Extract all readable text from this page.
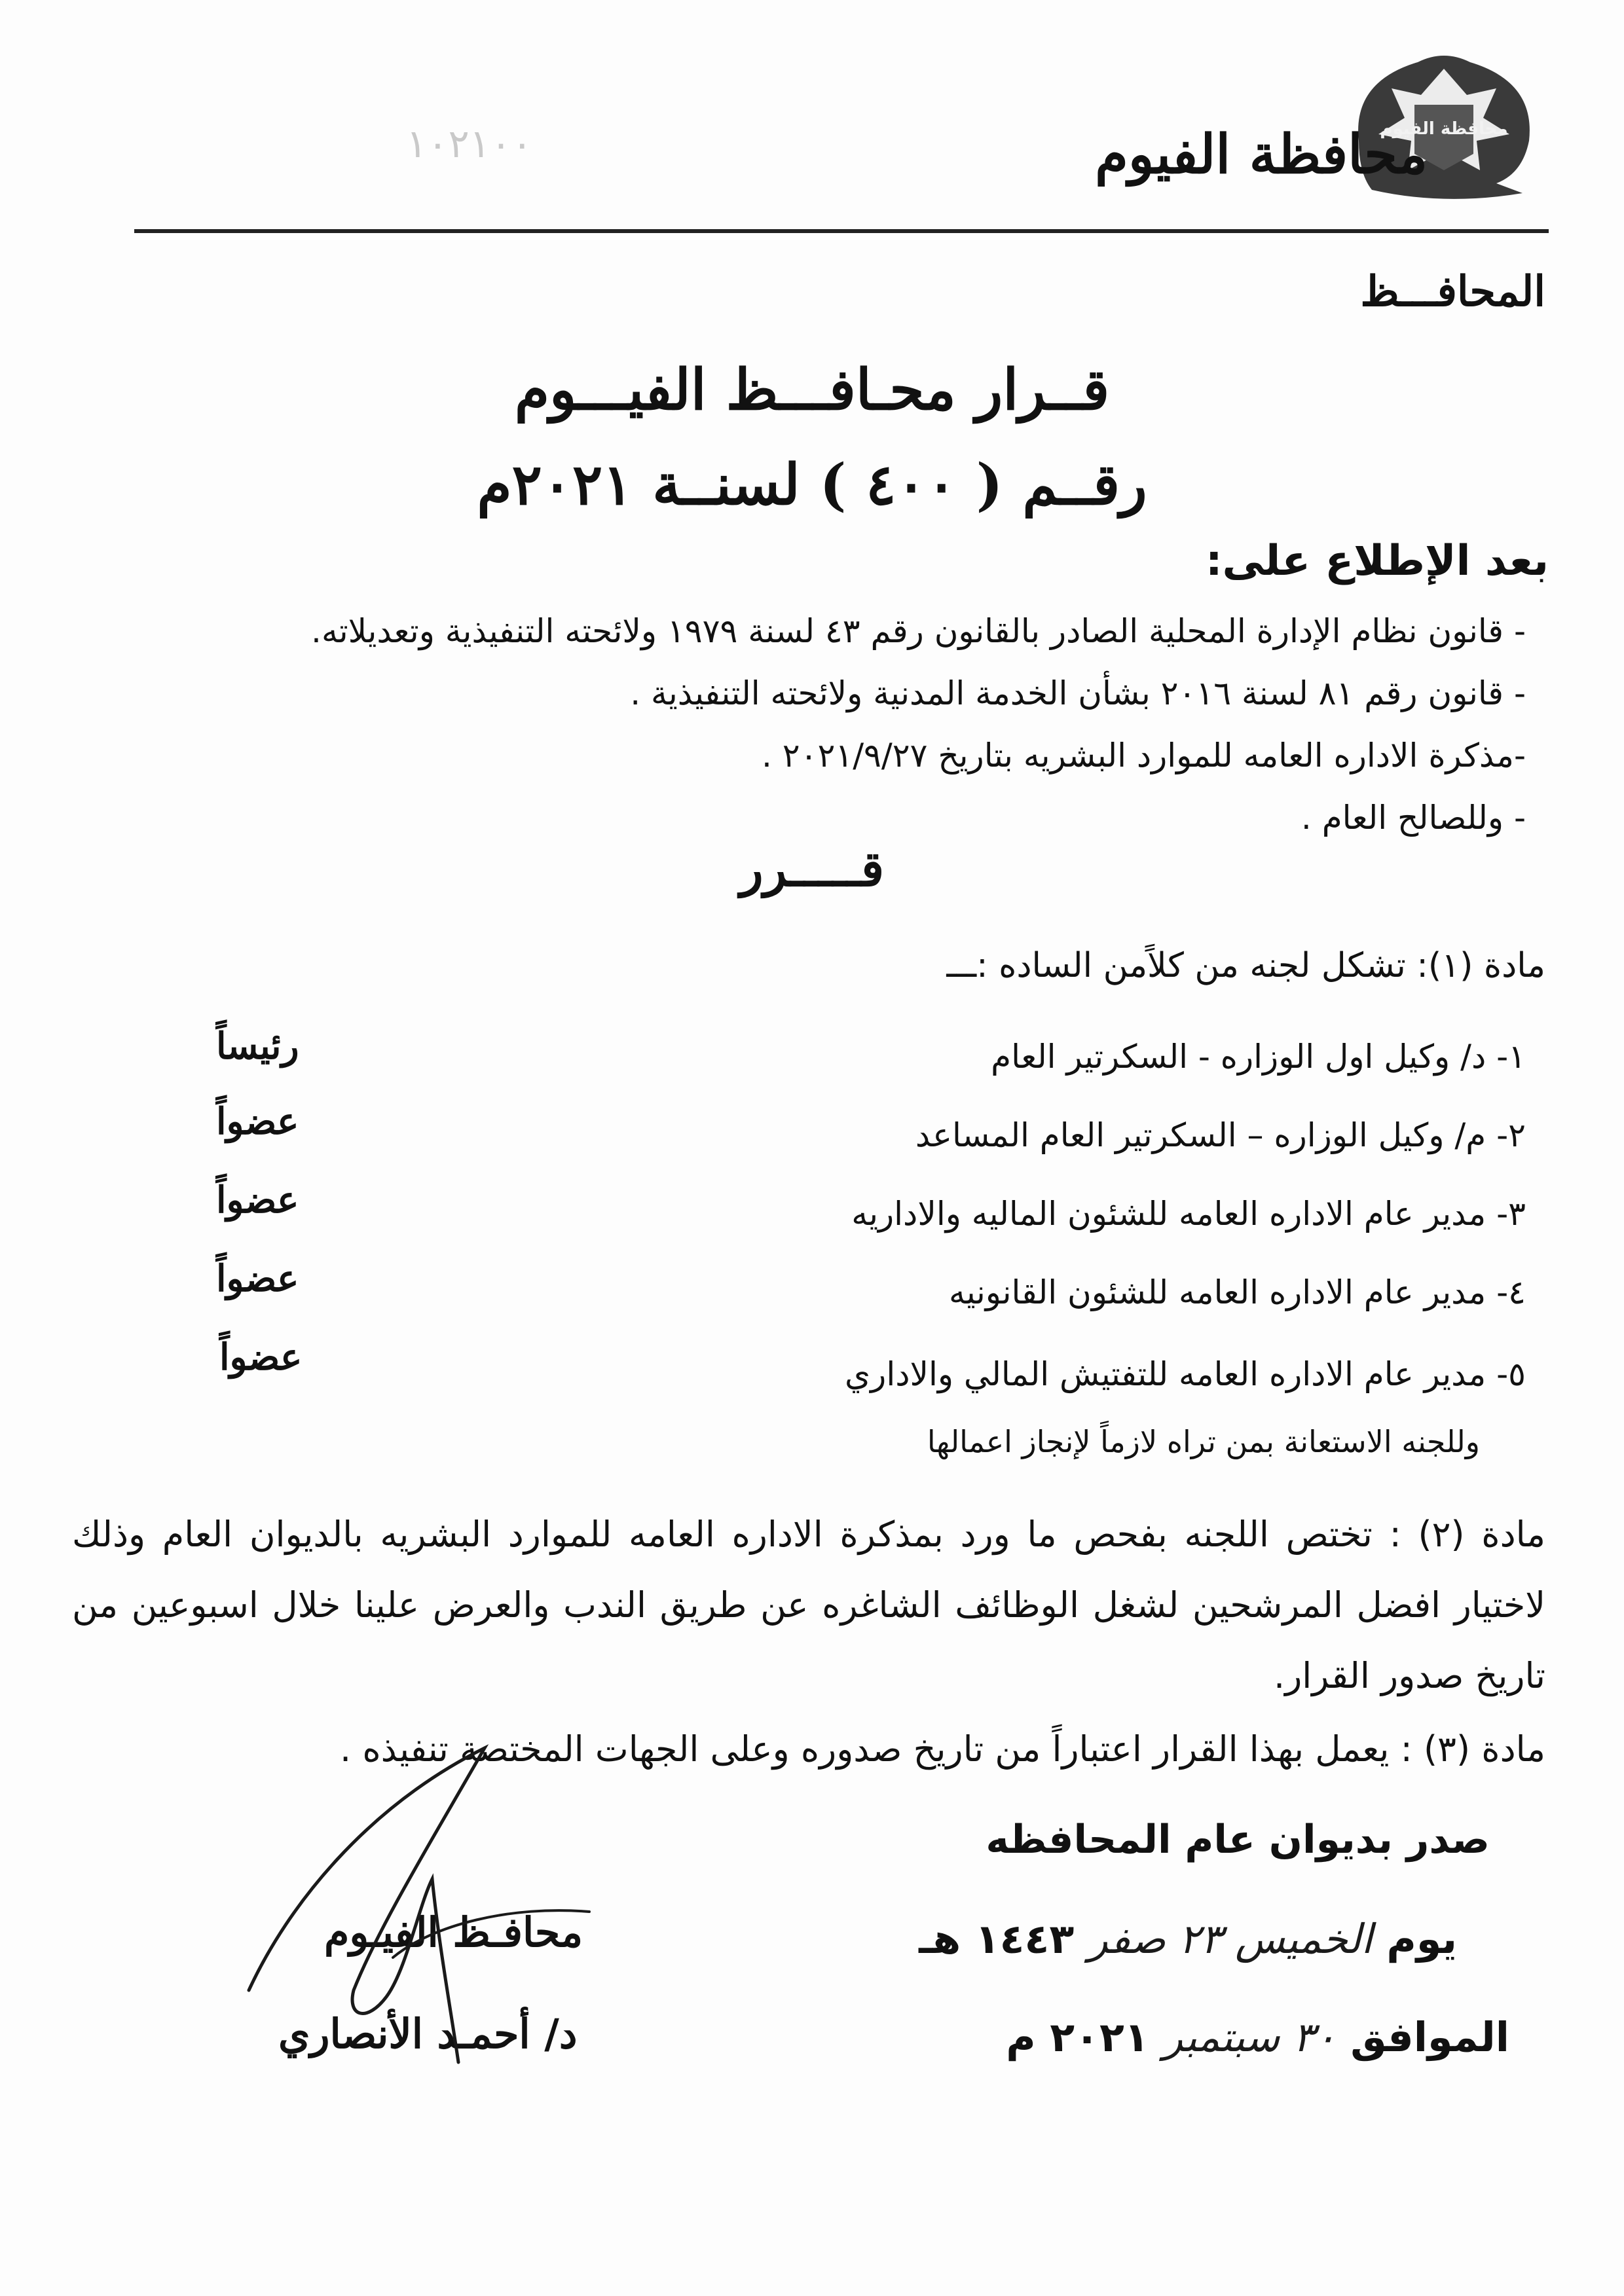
١٠٢١٠٠	محافظة الفيوم
محافظة الفيوم
المحافـــظ
قــرار محـافـــظ الفيـــوم
رقــم ( ٤٠٠ ) لسنــة ٢٠٢١م
بعد الإطلاع على:
- قانون نظام الإدارة المحلية الصادر بالقانون رقم ٤٣ لسنة ١٩٧٩ ولائحته التنفيذية وتعديلاته.
- قانون رقم ٨١ لسنة ٢٠١٦ بشأن الخدمة المدنية ولائحته التنفيذية .
-مذكرة الاداره العامه للموارد البشريه بتاريخ ٢٠٢١/٩/٢٧ .
- وللصالح العام .
قـــــرر
مادة (١): تشكل لجنه من كلاًمن الساده :ـــ
١- د/ وكيل اول الوزاره - السكرتير العام
رئيساً
٢- م/ وكيل الوزاره – السكرتير العام المساعد
عضواً
٣- مدير عام الاداره العامه للشئون الماليه والاداريه
عضواً
٤- مدير عام الاداره العامه للشئون القانونيه
عضواً
٥- مدير عام الاداره العامه للتفتيش المالي والاداري
عضواً
وللجنه الاستعانة بمن تراه لازماً لإنجاز اعمالها
مادة (٢) : تختص اللجنه بفحص ما ورد بمذكرة الاداره العامه للموارد البشريه بالديوان العام وذلك لاختيار افضل المرشحين لشغل الوظائف الشاغره عن طريق الندب والعرض علينا خلال اسبوعين من تاريخ صدور القرار.
مادة (٣) : يعمل بهذا القرار اعتباراً من تاريخ صدوره وعلى الجهات المختصة تنفيذه .
صدر بديوان عام المحافظه
يوم الخميس ٢٣ صفر ١٤٤٣ هـ
الموافق ٣٠ سبتمبر ٢٠٢١ م
محافـظ الفيـوم
د/ أحمـد الأنصاري
